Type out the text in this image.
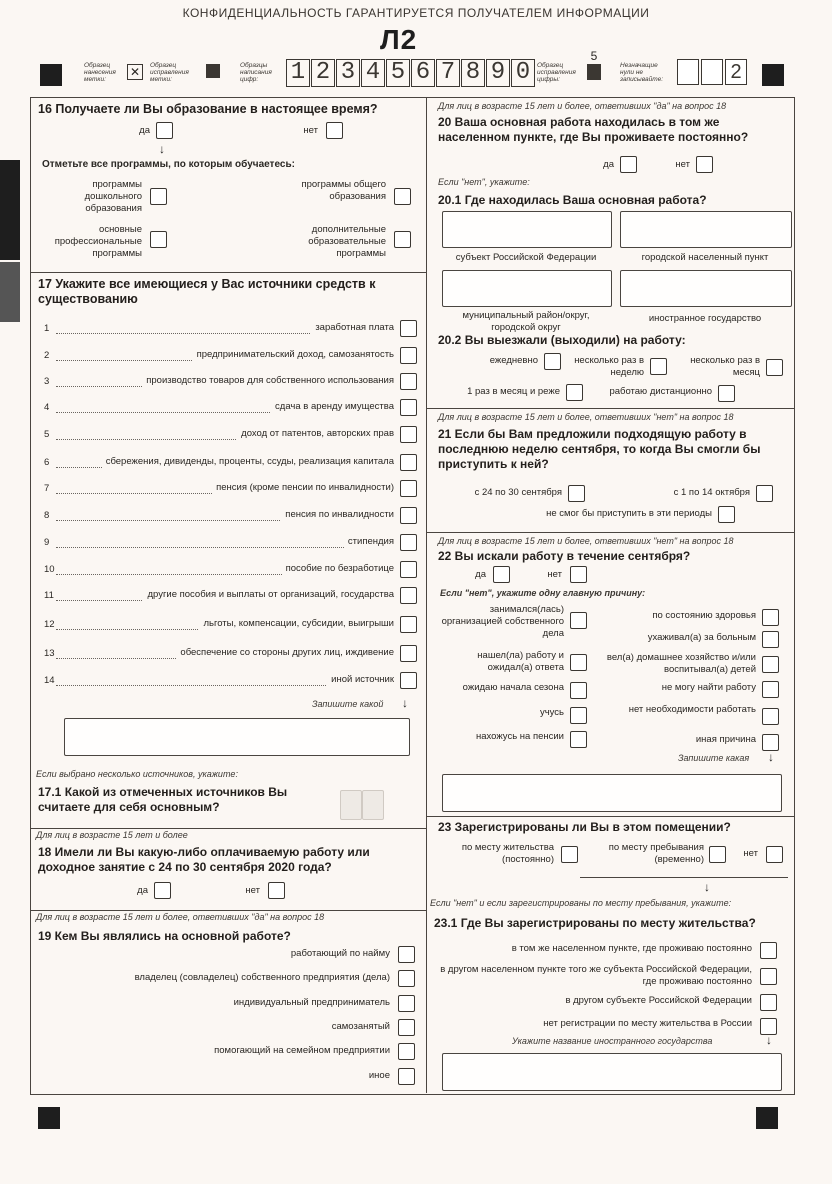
КОНФИДЕНЦИАЛЬНОСТЬ ГАРАНТИРУЕТСЯ ПОЛУЧАТЕЛЕМ ИНФОРМАЦИИ
Л2
Образец нанесения метки:
✕	Образец исправления метки:
Образцы написания цифр:	1 2 3 4 5 6 7 8 9 0	Образец исправления цифры:
5
Незначащие нули не записывайте:	2
16 Получаете ли Вы образование в настоящее время?
да	нет
↓
Отметьте все программы, по которым обучаетесь:
программы дошкольного образования
программы общего образования
основные профессиональные программы
дополнительные образовательные программы
17 Укажите все имеющиеся у Вас источники средств к существованию
1	заработная плата
2	предпринимательский доход, самозанятость
3	производство товаров для собственного использования
4	сдача в аренду имущества
5	доход от патентов, авторских прав
6	сбережения, дивиденды, проценты, ссуды, реализация капитала
7	пенсия (кроме пенсии по инвалидности)
8	пенсия по инвалидности
9	стипендия
10	пособие по безработице
11	другие пособия и выплаты от организаций, государства
12	льготы, компенсации, субсидии, выигрыши
13	обеспечение со стороны других лиц, иждивение
14	иной источник
Запишите какой ↓
Если выбрано несколько источников, укажите:
17.1 Какой из отмеченных источников Вы считаете для себя основным?
Для лиц в возрасте 15 лет и более
18 Имели ли Вы какую-либо оплачиваемую работу или доходное занятие с 24 по 30 сентября 2020 года?
да	нет
Для лиц в возрасте 15 лет и более, ответивших "да" на вопрос 18
19 Кем Вы являлись на основной работе?
работающий по найму
владелец (совладелец) собственного предприятия (дела)
индивидуальный предприниматель
самозанятый
помогающий на семейном предприятии
иное
Для лиц в возрасте 15 лет и более, ответивших "да" на вопрос 18
20 Ваша основная работа находилась в том же населенном пункте, где Вы проживаете постоянно?
да	нет
Если "нет", укажите:
20.1 Где находилась Ваша основная работа?
субъект Российской Федерации	городской населенный пункт
муниципальный район/округ, городской округ
иностранное государство
20.2 Вы выезжали (выходили) на работу:
ежедневно	несколько раз в неделю
несколько раз в месяц
1 раз в месяц и реже	работаю дистанционно
Для лиц в возрасте 15 лет и более, ответивших "нет" на вопрос 18
21 Если бы Вам предложили подходящую работу в последнюю неделю сентября, то когда Вы смогли бы приступить к ней?
с 24 по 30 сентября	с 1 по 14 октября
не смог бы приступить в эти периоды
Для лиц в возрасте 15 лет и более, ответивших "нет" на вопрос 18
22 Вы искали работу в течение сентября?
да	нет
Если "нет", укажите одну главную причину:
занимался(лась) организацией собственного дела
нашел(ла) работу и ожидал(а) ответа
ожидаю начала сезона
учусь
нахожусь на пенсии
по состоянию здоровья
ухаживал(а) за больным
вел(а) домашнее хозяйство и/или воспитывал(а) детей
не могу найти работу
нет необходимости работать
иная причина
Запишите какая ↓
23 Зарегистрированы ли Вы в этом помещении?
по месту жительства (постоянно)
по месту пребывания (временно)
нет
↓
Если "нет" и если зарегистрированы по месту пребывания, укажите:
23.1 Где Вы зарегистрированы по месту жительства?
в том же населенном пункте, где проживаю постоянно
в другом населенном пункте того же субъекта Российской Федерации, где проживаю постоянно
в другом субъекте Российской Федерации
нет регистрации по месту жительства в России
Укажите название иностранного государства	↓
